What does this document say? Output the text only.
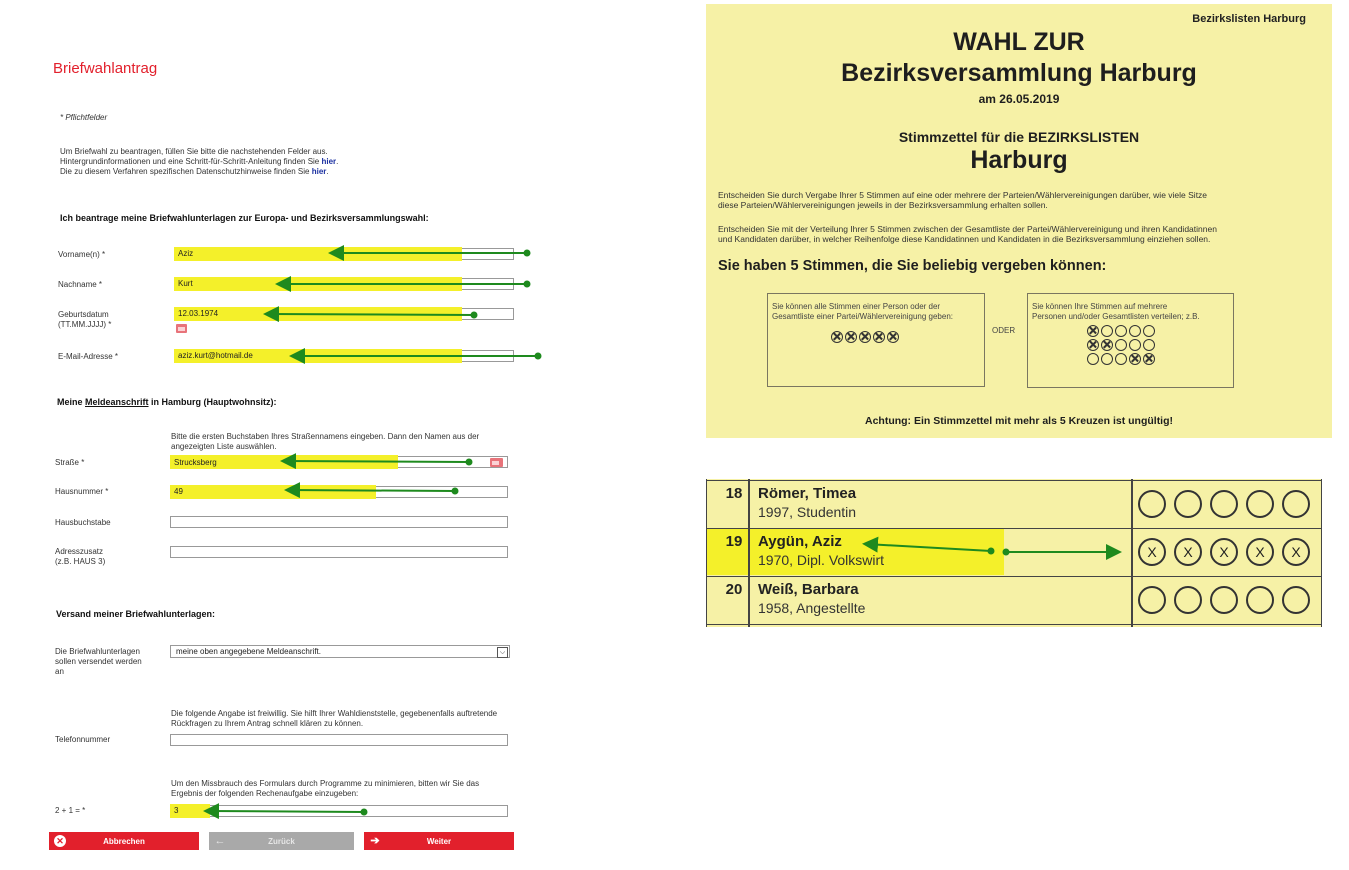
Briefwahlantrag
* Pflichtfelder
Um Briefwahl zu beantragen, füllen Sie bitte die nachstehenden Felder aus.
Hintergrundinformationen und eine Schritt-für-Schritt-Anleitung finden Sie hier.
Die zu diesem Verfahren spezifischen Datenschutzhinweise finden Sie hier.
Ich beantrage meine Briefwahlunterlagen zur Europa- und Bezirksversammlungswahl:
Vorname(n) *	Aziz
Nachname *	Kurt
Geburtsdatum
(TT.MM.JJJJ) *
12.03.1974
E-Mail-Adresse *	aziz.kurt@hotmail.de
Meine Meldeanschrift in Hamburg (Hauptwohnsitz):
Bitte die ersten Buchstaben Ihres Straßennamens eingeben. Dann den Namen aus der
angezeigten Liste auswählen.
Straße *	Strucksberg
Hausnummer *	49
Hausbuchstabe
Adresszusatz
(z.B. HAUS 3)
Versand meiner Briefwahlunterlagen:
Die Briefwahlunterlagen
sollen versendet werden
an
meine oben angegebene Meldeanschrift.	⌵
Die folgende Angabe ist freiwillig. Sie hilft Ihrer Wahldienststelle, gegebenenfalls auftretende
Rückfragen zu Ihrem Antrag schnell klären zu können.
Telefonnummer
Um den Missbrauch des Formulars durch Programme zu minimieren, bitten wir Sie das
Ergebnis der folgenden Rechenaufgabe einzugeben:
2 + 1 = *	3
✕	Abbrechen	←	Zurück	➔	Weiter
Bezirkslisten Harburg
WAHL ZUR
Bezirksversammlung Harburg
am 26.05.2019
Stimmzettel für die BEZIRKSLISTEN
Harburg
Entscheiden Sie durch Vergabe Ihrer 5 Stimmen auf eine oder mehrere der Parteien/Wählervereinigungen darüber, wie viele Sitze
diese Parteien/Wählervereinigungen jeweils in der Bezirksversammlung erhalten sollen.
Entscheiden Sie mit der Verteilung Ihrer 5 Stimmen zwischen der Gesamtliste der Partei/Wählervereinigung und ihren Kandidatinnen
und Kandidaten darüber, in welcher Reihenfolge diese Kandidatinnen und Kandidaten in die Bezirksversammlung einziehen sollen.
Sie haben 5 Stimmen, die Sie beliebig vergeben können:
Sie können alle Stimmen einer Person oder der
Gesamtliste einer Partei/Wählervereinigung geben:
ODER
Sie können Ihre Stimmen auf mehrere
Personen und/oder Gesamtlisten verteilen; z.B.
Achtung: Ein Stimmzettel mit mehr als 5 Kreuzen ist ungültig!
18	Römer, Timea
1997, Studentin
19	Aygün, Aziz
1970, Dipl. Volkswirt	X	X	X	X	X
20	Weiß, Barbara
1958, Angestellte
